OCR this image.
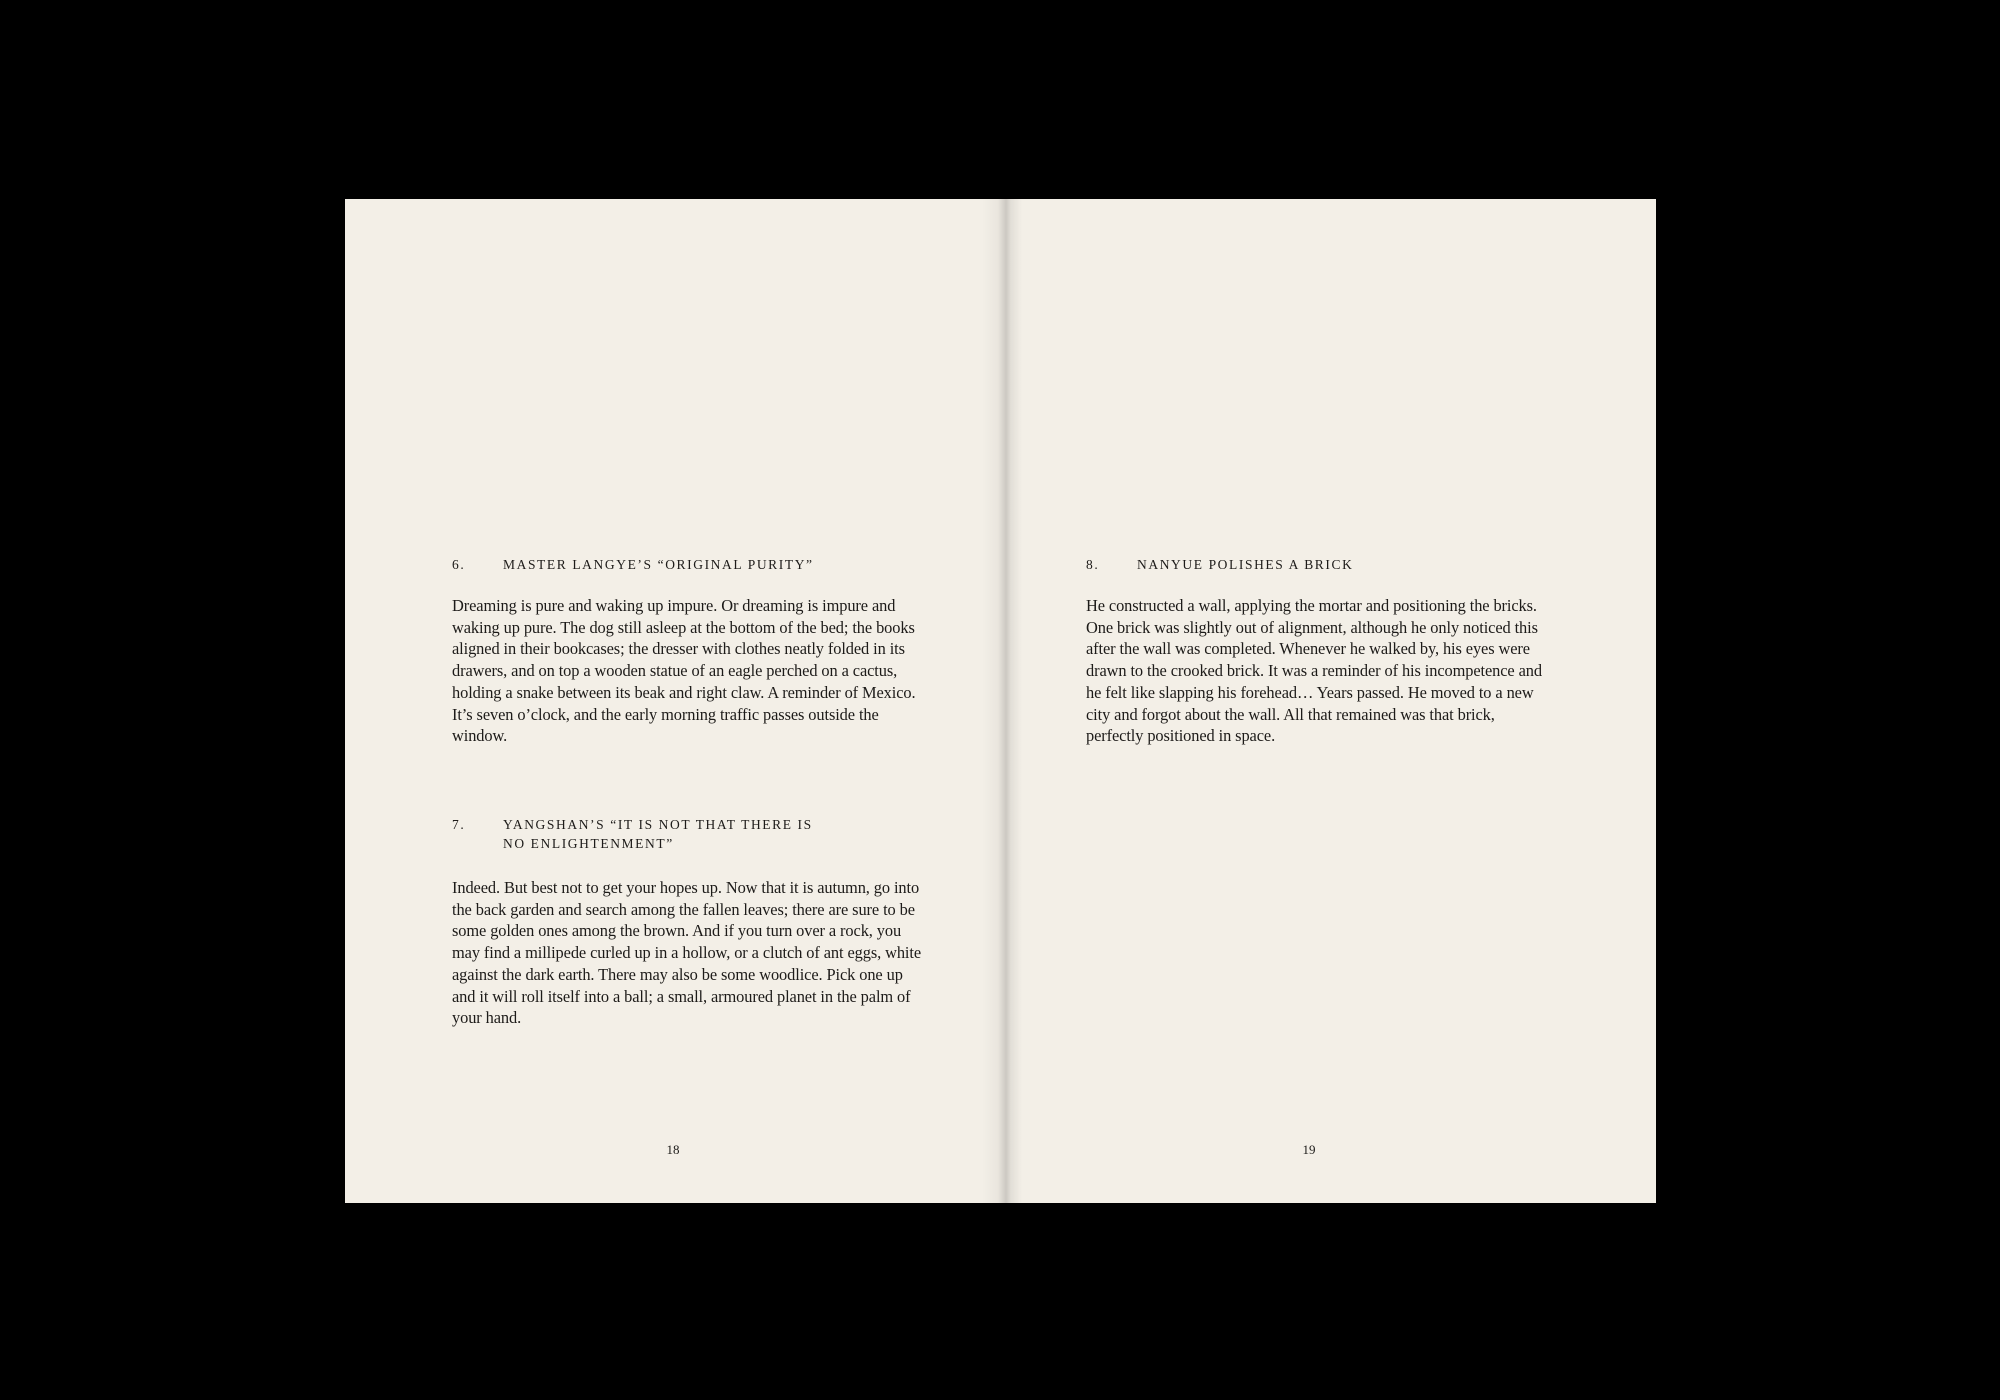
6.	MASTER LANGYE’S “ORIGINAL PURITY”
Dreaming is pure and waking up impure. Or dreaming is impure and waking up pure. The dog still asleep at the bottom of the bed; the books aligned in their bookcases; the dresser with clothes neatly folded in its drawers, and on top a wooden statue of an eagle perched on a cactus, holding a snake between its beak and right claw. A reminder of Mexico. It’s seven o’clock, and the early morning traffic passes outside the window.
7.	YANGSHAN’S “IT IS NOT THAT THERE IS NO ENLIGHTENMENT”
Indeed. But best not to get your hopes up. Now that it is autumn, go into the back garden and search among the fallen leaves; there are sure to be some golden ones among the brown. And if you turn over a rock, you may find a millipede curled up in a hollow, or a clutch of ant eggs, white against the dark earth. There may also be some woodlice. Pick one up and it will roll itself into a ball; a small, armoured planet in the palm of your hand.
18
8.	NANYUE POLISHES A BRICK
He constructed a wall, applying the mortar and positioning the bricks. One brick was slightly out of alignment, although he only noticed this after the wall was completed. Whenever he walked by, his eyes were drawn to the crooked brick. It was a reminder of his incompetence and he felt like slapping his forehead… Years passed. He moved to a new city and forgot about the wall. All that remained was that brick, perfectly positioned in space.
19
